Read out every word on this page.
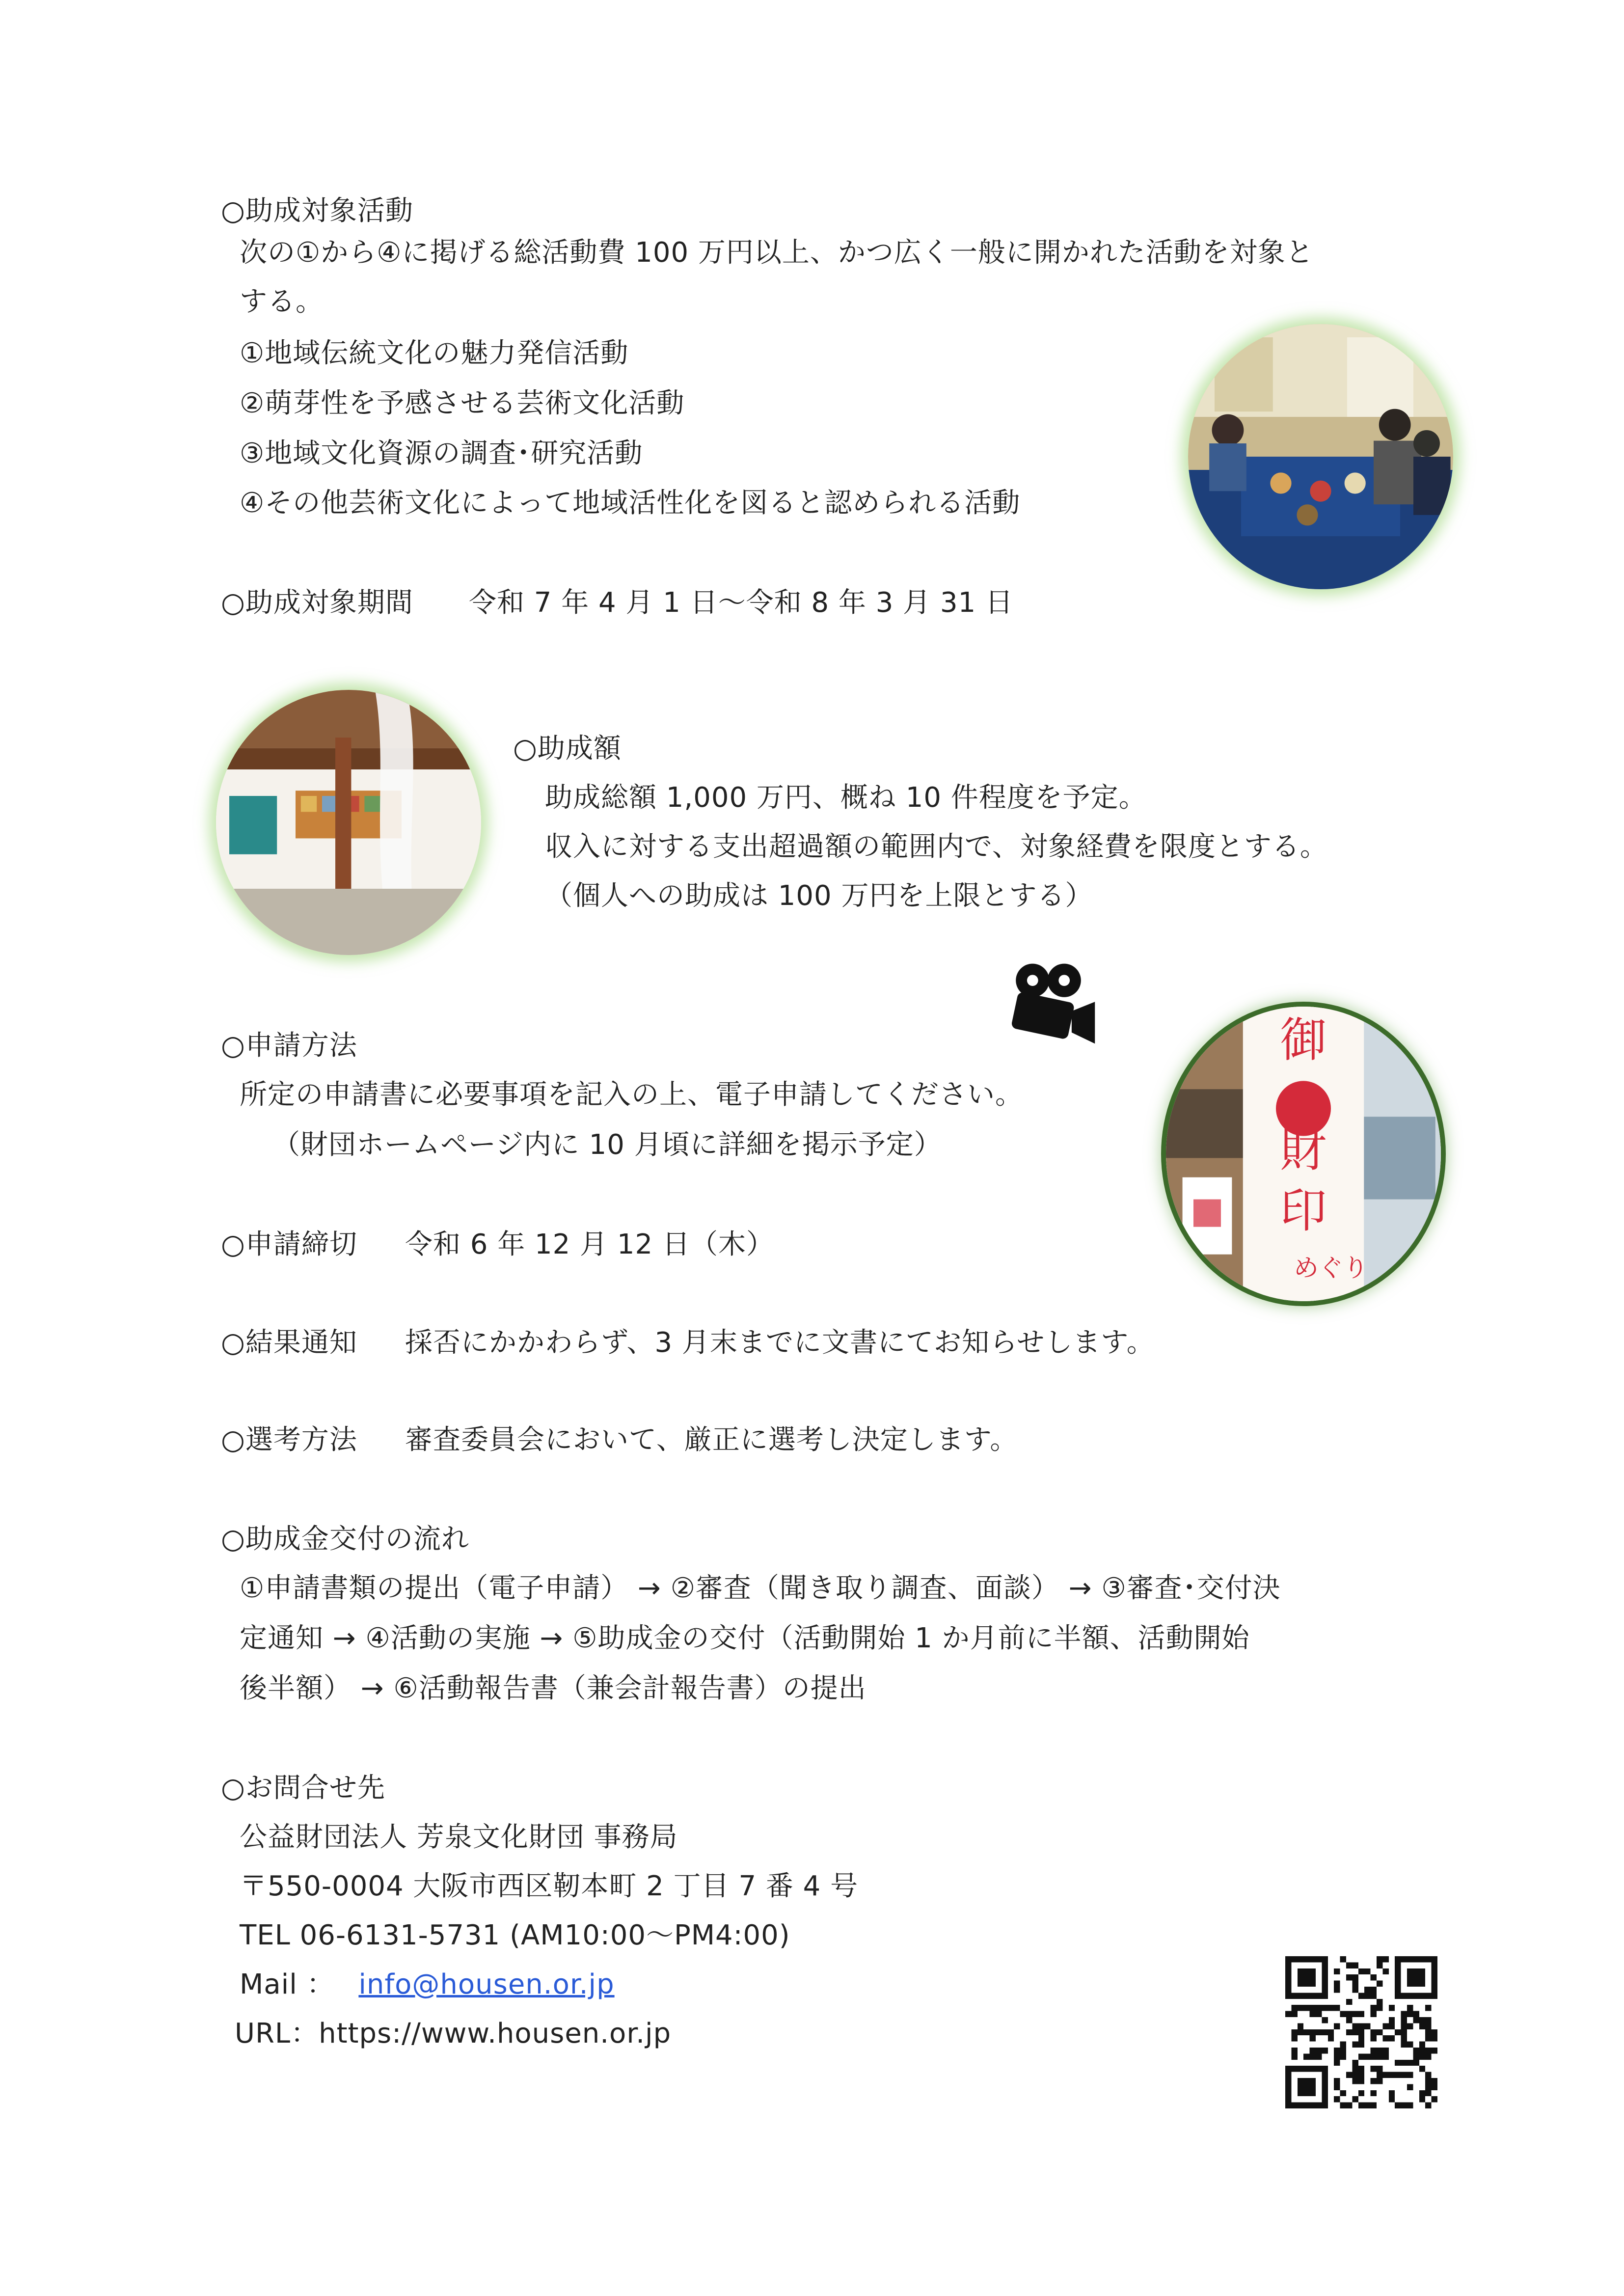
○助成対象活動
次の①から④に掲げる総活動費 100 万円以上、かつ広く一般に開かれた活動を対象と
する。
①地域伝統文化の魅力発信活動
②萌芽性を予感させる芸術文化活動
③地域文化資源の調査･研究活動
④その他芸術文化によって地域活性化を図ると認められる活動
○助成対象期間 令和 7 年 4 月 1 日～令和 8 年 3 月 31 日
○助成額
助成総額 1,000 万円、概ね 10 件程度を予定。
収入に対する支出超過額の範囲内で、対象経費を限度とする。
（個人への助成は 100 万円を上限とする）
御
財
印
めぐり
○申請方法
所定の申請書に必要事項を記入の上、電子申請してください。
（財団ホームページ内に 10 月頃に詳細を掲示予定）
○申請締切 令和 6 年 12 月 12 日（木）
○結果通知 採否にかかわらず、3 月末までに文書にてお知らせします。
○選考方法 審査委員会において、厳正に選考し決定します。
○助成金交付の流れ
①申請書類の提出（電子申請） → ②審査（聞き取り調査、面談） → ③審査･交付決
定通知 → ④活動の実施 → ⑤助成金の交付（活動開始 1 か月前に半額、活動開始
後半額） → ⑥活動報告書（兼会計報告書）の提出
○お問合せ先
公益財団法人 芳泉文化財団 事務局
〒550-0004 大阪市西区靭本町 2 丁目 7 番 4 号
TEL 06-6131-5731 (AM10:00～PM4:00)
Mail ： info@housen.or.jp
URL：https://www.housen.or.jp
